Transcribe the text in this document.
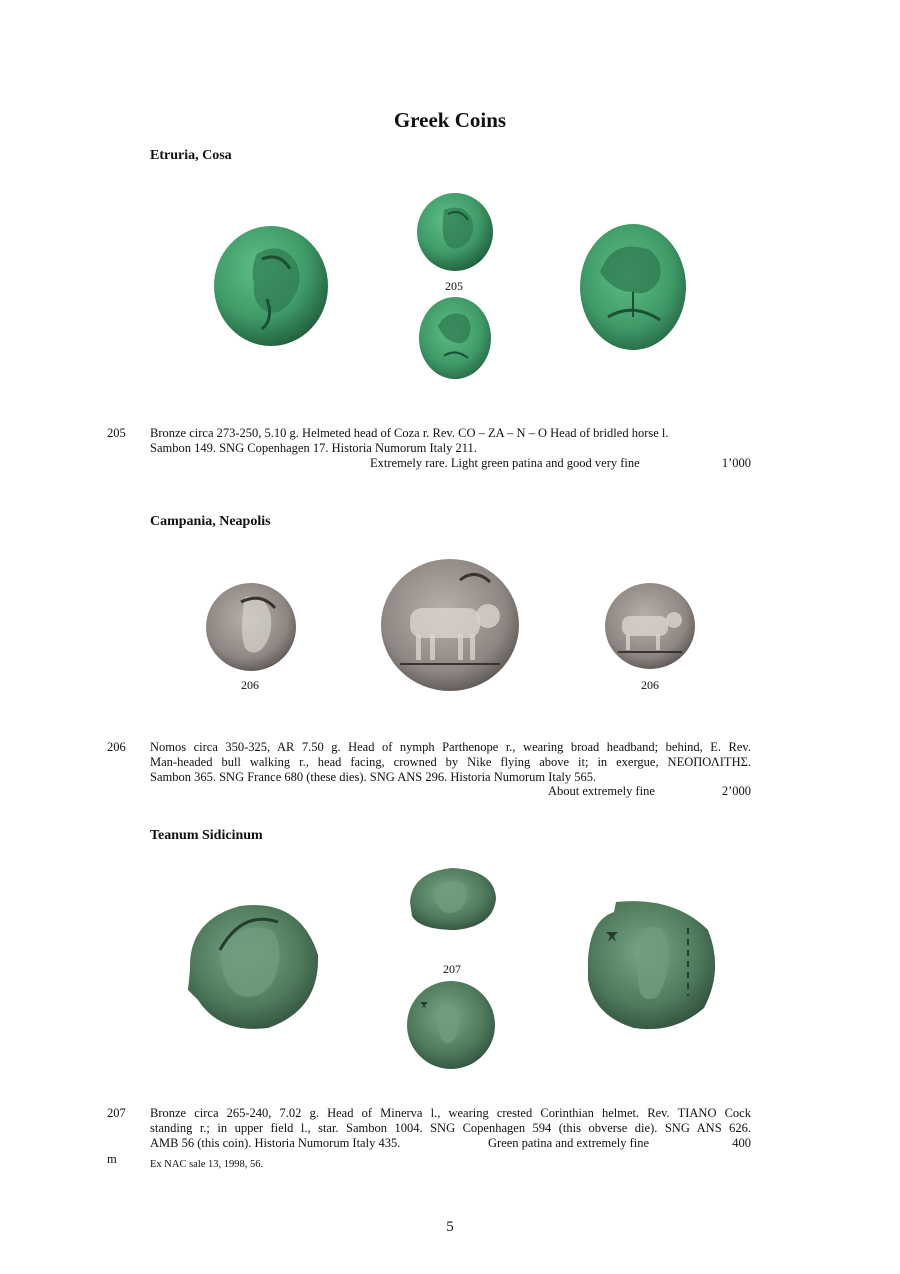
Greek Coins
Etruria, Cosa
205
205 Bronze circa 273-250, 5.10 g. Helmeted head of Coza r. Rev. CO – ZA – N – O Head of bridled horse l.
Sambon 149. SNG Copenhagen 17. Historia Numorum Italy 211.
Extremely rare. Light green patina and good very fine	1’000
Campania, Neapolis
206	206
206 Nomos circa 350-325, AR 7.50 g. Head of nymph Parthenope r., wearing broad headband; behind, E. Rev.
Man-headed bull walking r., head facing, crowned by Nike flying above it; in exergue, ΝΕΟΠΟΛΙΤΗΣ.
Sambon 365. SNG France 680 (these dies). SNG ANS 296. Historia Numorum Italy 565.
About extremely fine	2’000
Teanum Sidicinum
207
207 Bronze circa 265-240, 7.02 g. Head of Minerva l., wearing crested Corinthian helmet. Rev. TIANO Cock
standing r.; in upper field l., star. Sambon 1004. SNG Copenhagen 594 (this obverse die). SNG ANS 626.
AMB 56 (this coin). Historia Numorum Italy 435.	Green patina and extremely fine	400
m	Ex NAC sale 13, 1998, 56.
5
